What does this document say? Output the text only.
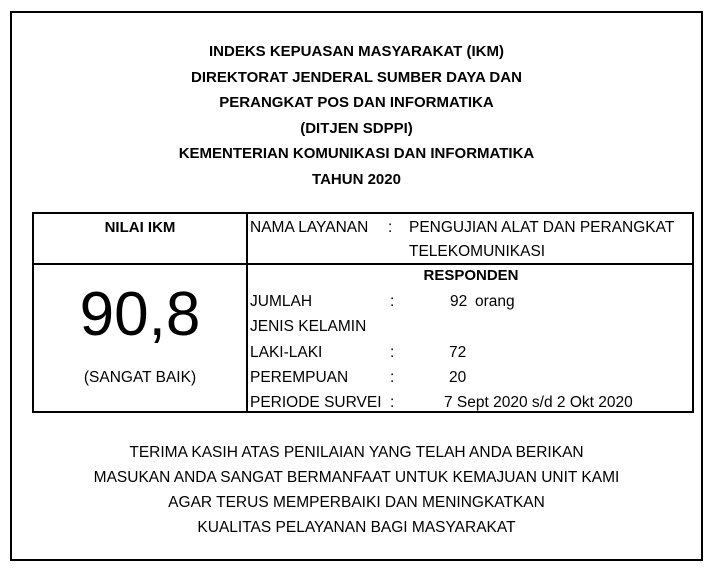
INDEKS KEPUASAN MASYARAKAT (IKM)
DIREKTORAT JENDERAL SUMBER DAYA DAN
PERANGKAT POS DAN INFORMATIKA
(DITJEN SDPPI)
KEMENTERIAN KOMUNIKASI DAN INFORMATIKA
TAHUN 2020
NILAI IKM
90,8
(SANGAT BAIK)
NAMA LAYANAN : PENGUJIAN ALAT DAN PERANGKAT
TELEKOMUNIKASI
RESPONDEN
JUMLAH	:	92 orang
JENIS KELAMIN
LAKI-LAKI	:	72
PEREMPUAN	:	20
PERIODE SURVEI :	7 Sept 2020 s/d 2 Okt 2020
TERIMA KASIH ATAS PENILAIAN YANG TELAH ANDA BERIKAN
MASUKAN ANDA SANGAT BERMANFAAT UNTUK KEMAJUAN UNIT KAMI
AGAR TERUS MEMPERBAIKI DAN MENINGKATKAN
KUALITAS PELAYANAN BAGI MASYARAKAT
